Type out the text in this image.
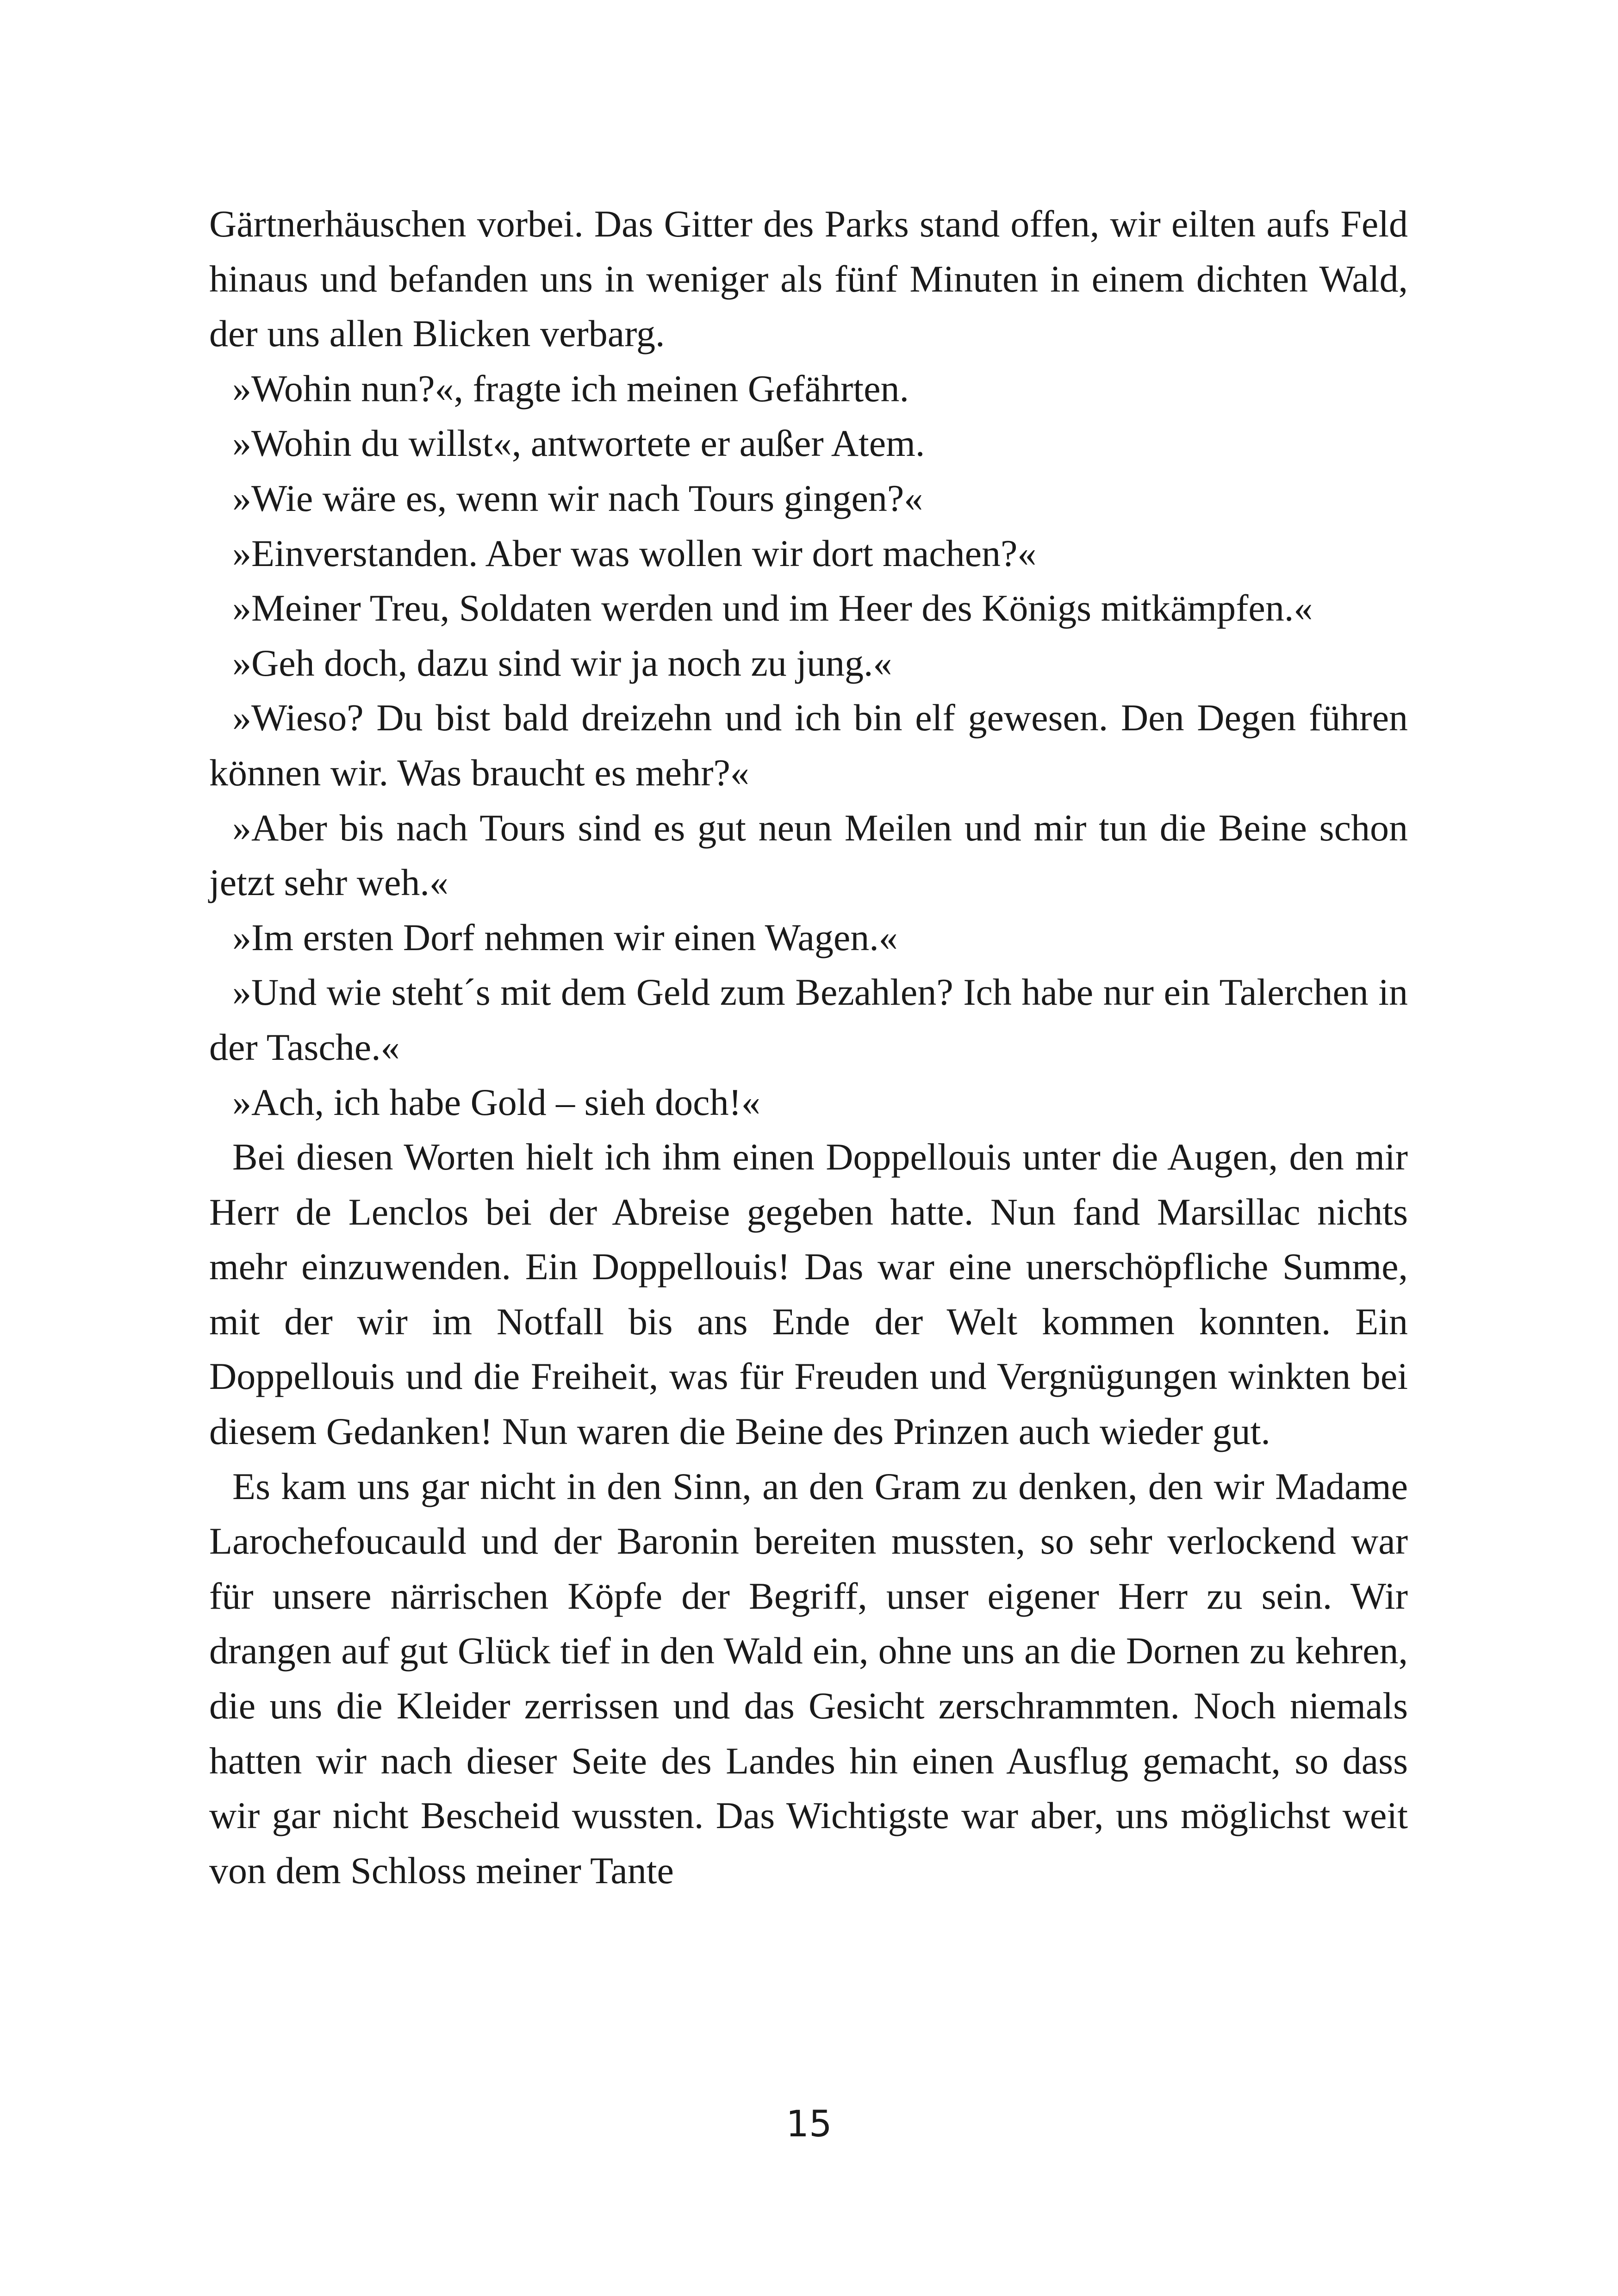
Gärtnerhäuschen vorbei. Das Gitter des Parks stand offen, wir eilten aufs Feld hinaus und befanden uns in weniger als fünf Minuten in einem dichten Wald, der uns allen Blicken verbarg.

»Wohin nun?«, fragte ich meinen Gefährten.

»Wohin du willst«, antwortete er außer Atem.

»Wie wäre es, wenn wir nach Tours gingen?«

»Einverstanden. Aber was wollen wir dort machen?«

»Meiner Treu, Soldaten werden und im Heer des Königs mitkämpfen.«

»Geh doch, dazu sind wir ja noch zu jung.«

»Wieso? Du bist bald dreizehn und ich bin elf gewesen. Den Degen führen können wir. Was braucht es mehr?«

»Aber bis nach Tours sind es gut neun Meilen und mir tun die Beine schon jetzt sehr weh.«

»Im ersten Dorf nehmen wir einen Wagen.«

»Und wie steht´s mit dem Geld zum Bezahlen? Ich habe nur ein Talerchen in der Tasche.«

»Ach, ich habe Gold – sieh doch!«

Bei diesen Worten hielt ich ihm einen Doppellouis unter die Augen, den mir Herr de Lenclos bei der Abreise gegeben hatte. Nun fand Marsillac nichts mehr einzuwenden. Ein Doppellouis! Das war eine unerschöpfliche Summe, mit der wir im Notfall bis ans Ende der Welt kommen konnten. Ein Doppellouis und die Freiheit, was für Freuden und Vergnügungen winkten bei diesem Gedanken! Nun waren die Beine des Prinzen auch wieder gut.

Es kam uns gar nicht in den Sinn, an den Gram zu denken, den wir Madame Larochefoucauld und der Baronin bereiten mussten, so sehr verlockend war für unsere närrischen Köpfe der Begriff, unser eigener Herr zu sein. Wir drangen auf gut Glück tief in den Wald ein, ohne uns an die Dornen zu kehren, die uns die Kleider zerrissen und das Gesicht zerschrammten. Noch niemals hatten wir nach dieser Seite des Landes hin einen Ausflug gemacht, so dass wir gar nicht Bescheid wussten. Das Wichtigste war aber, uns möglichst weit von dem Schloss meiner Tante

15
